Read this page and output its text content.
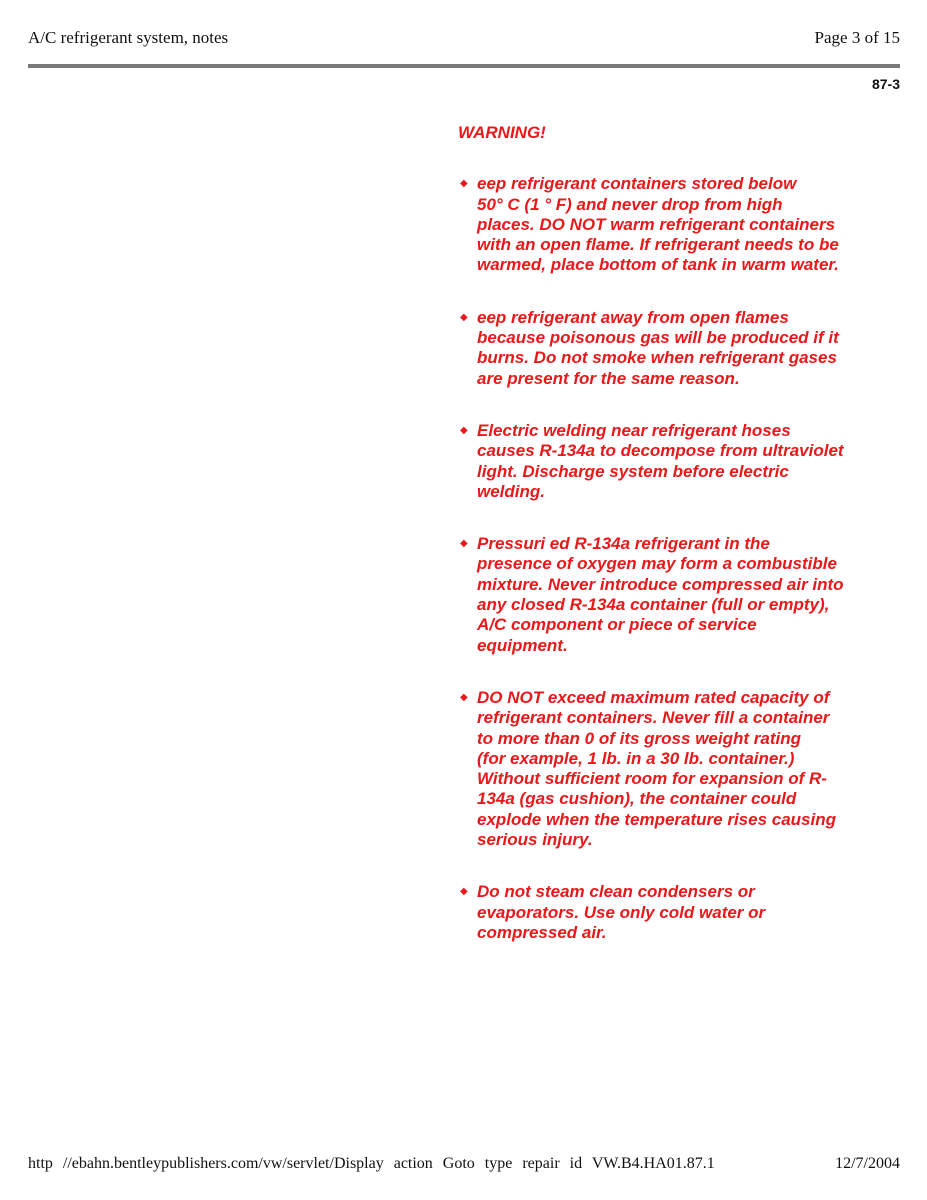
A/C refrigerant system, notes	Page 3 of 15
87-3
WARNING!
◆ eep refrigerant containers stored below
50° C (1 ° F) and never drop from high
places. DO NOT warm refrigerant containers
with an open flame. If refrigerant needs to be
warmed, place bottom of tank in warm water.
◆ eep refrigerant away from open flames
because poisonous gas will be produced if it
burns. Do not smoke when refrigerant gases
are present for the same reason.
◆ Electric welding near refrigerant hoses
causes R-134a to decompose from ultraviolet
light. Discharge system before electric
welding.
◆ Pressuri ed R-134a refrigerant in the
presence of oxygen may form a combustible
mixture. Never introduce compressed air into
any closed R-134a container (full or empty),
A/C component or piece of service
equipment.
◆ DO NOT exceed maximum rated capacity of
refrigerant containers. Never fill a container
to more than 0 of its gross weight rating
(for example, 1 lb. in a 30 lb. container.)
Without sufficient room for expansion of R-
134a (gas cushion), the container could
explode when the temperature rises causing
serious injury.
◆ Do not steam clean condensers or
evaporators. Use only cold water or
compressed air.
http //ebahn.bentleypublishers.com/vw/servlet/Display action Goto type repair id VW.B4.HA01.87.1	12/7/2004
